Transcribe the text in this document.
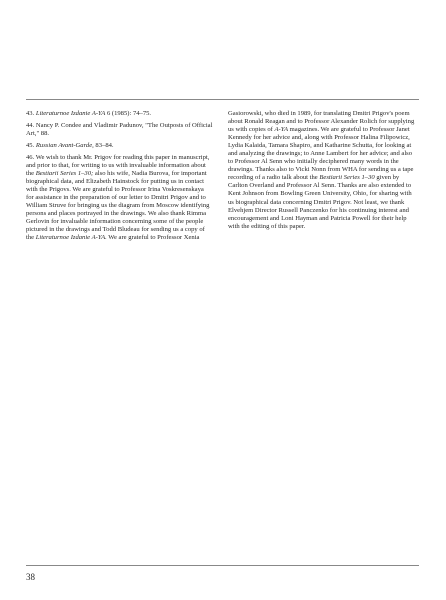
43. Literaturnoe Izdanie A-YA 6 (1985): 74–75.

44. Nancy P. Condee and Vladimir Padunov, "The Outposts of Official Art," 88.

45. Russian Avant-Garde, 83–84.

46. We wish to thank Mr. Prigov for reading this paper in manuscript, and prior to that, for writing to us with invaluable information about the Bestiarii Series 1–30; also his wife, Nadia Burova, for important biographical data, and Elizabeth Hainstock for putting us in contact with the Prigovs. We are grateful to Professor Irina Voskresenskaya for assistance in the preparation of our letter to Dmitri Prigov and to William Struve for bringing us the diagram from Moscow identifying persons and places portrayed in the drawings. We also thank Rimma Gerlovin for invaluable information concerning some of the people pictured in the drawings and Todd Bludeau for sending us a copy of the Literaturnoe Izdanie A-YA. We are grateful to Professor Xenia

Gasiorowski, who died in 1989, for translating Dmitri Prigov's poem about Ronald Reagan and to Professor Alexander Rolich for supplying us with copies of A-YA magazines. We are grateful to Professor Janet Kennedy for her advice and, along with Professor Halina Filipowicz, Lydia Kalaida, Tamara Shapiro, and Katharine Schutta, for looking at and analyzing the drawings; to Anne Lambert for her advice; and also to Professor Al Senn who initially deciphered many words in the drawings. Thanks also to Vicki Nonn from WHA for sending us a tape recording of a radio talk about the Bestiarii Series 1–30 given by Carlton Overland and Professor Al Senn. Thanks are also extended to Kent Johnson from Bowling Green University, Ohio, for sharing with us biographical data concerning Dmitri Prigov. Not least, we thank Elvehjem Director Russell Panczenko for his continuing interest and encouragement and Loni Hayman and Patricia Powell for their help with the editing of this paper.

38
